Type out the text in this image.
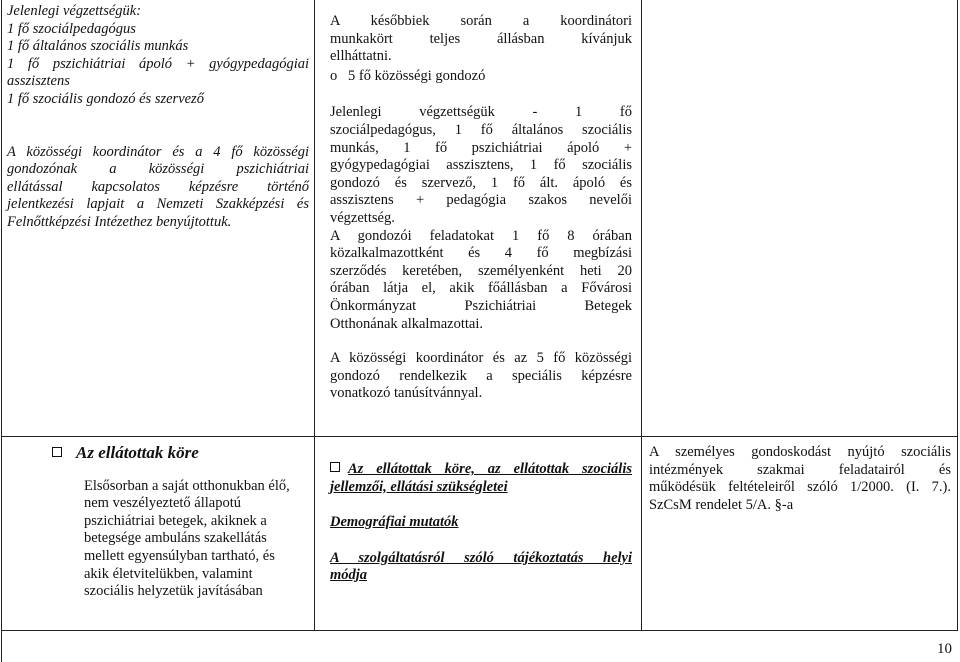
Jelenlegi végzettségük:

1 fő szociálpedagógus

1 fő általános szociális munkás

1 fő pszichiátriai ápoló + gyógypedagógiai

asszisztens

1 fő szociális gondozó és szervező

A közösségi koordinátor és a 4 fő közösségi

gondozónak a közösségi pszichiátriai

ellátással kapcsolatos képzésre történő

jelentkezési lapjait a Nemzeti Szakképzési és

Felnőttképzési Intézethez benyújtottuk.

A későbbiek során a koordinátori

munkakört teljes állásban kívánjuk

ellháttatni.

o 5 fő közösségi gondozó

Jelenlegi végzettségük - 1 fő

szociálpedagógus, 1 fő általános szociális

munkás, 1 fő pszichiátriai ápoló +

gyógypedagógiai asszisztens, 1 fő szociális

gondozó és szervező, 1 fő ált. ápoló és

asszisztens + pedagógia szakos nevelői

végzettség.

A gondozói feladatokat 1 fő 8 órában

közalkalmazottként és 4 fő megbízási

szerződés keretében, személyenként heti 20

órában látja el, akik főállásban a Fővárosi

Önkormányzat Pszichiátriai Betegek

Otthonának alkalmazottai.

A közösségi koordinátor és az 5 fő közösségi

gondozó rendelkezik a speciális képzésre

vonatkozó tanúsítvánnyal.

Az ellátottak köre

Elsősorban a saját otthonukban élő,

nem veszélyeztető állapotú

pszichiátriai betegek, akiknek a

betegsége ambuláns szakellátás

mellett egyensúlyban tartható, és

akik életvitelükben, valamint

szociális helyzetük javításában

Az ellátottak köre, az ellátottak szociális

jellemzői, ellátási szükségletei

Demográfiai mutatók

A szolgáltatásról szóló tájékoztatás helyi

módja

A személyes gondoskodást nyújtó szociális

intézmények szakmai feladatairól és

működésük feltételeiről szóló 1/2000. (I. 7.).

SzCsM rendelet 5/A. §-a

10
